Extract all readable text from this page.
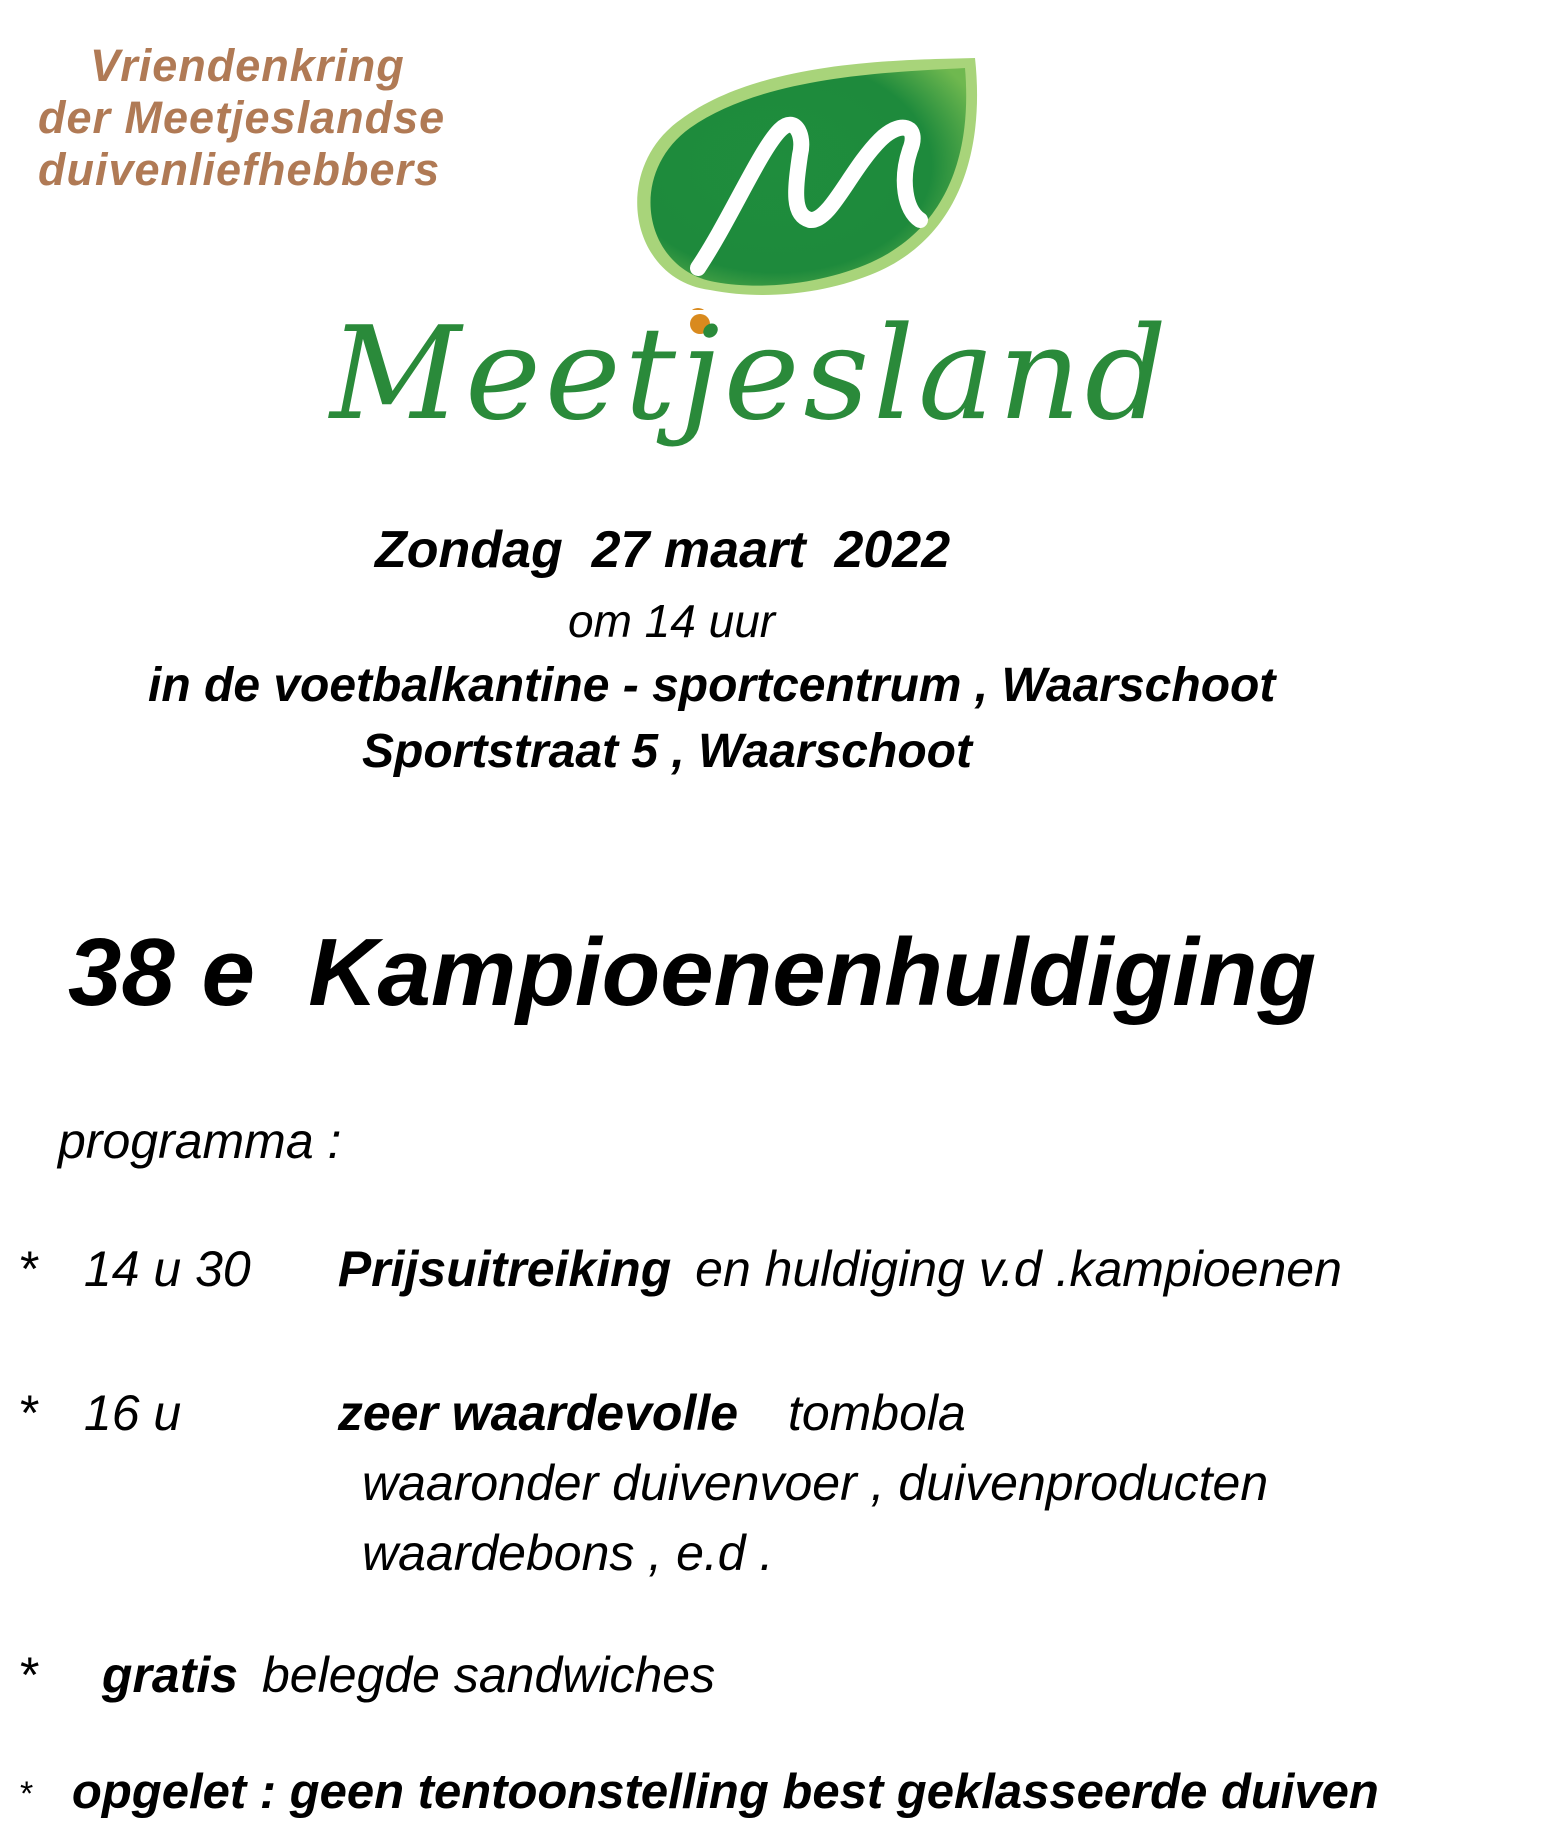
Vriendenkring
der Meetjeslandse
duivenliefhebbers
Meetjesland
Zondag  27 maart  2022
om 14 uur
in de voetbalkantine - sportcentrum , Waarschoot
Sportstraat 5 , Waarschoot
38 e  Kampioenenhuldiging
programma :
* 14 u 30 Prijsuitreiking en huldiging v.d .kampioenen
* 16 u	zeer waardevolle tombola
waaronder duivenvoer , duivenproducten
waardebons , e.d .
* gratis belegde sandwiches
* opgelet : geen tentoonstelling best geklasseerde duiven
